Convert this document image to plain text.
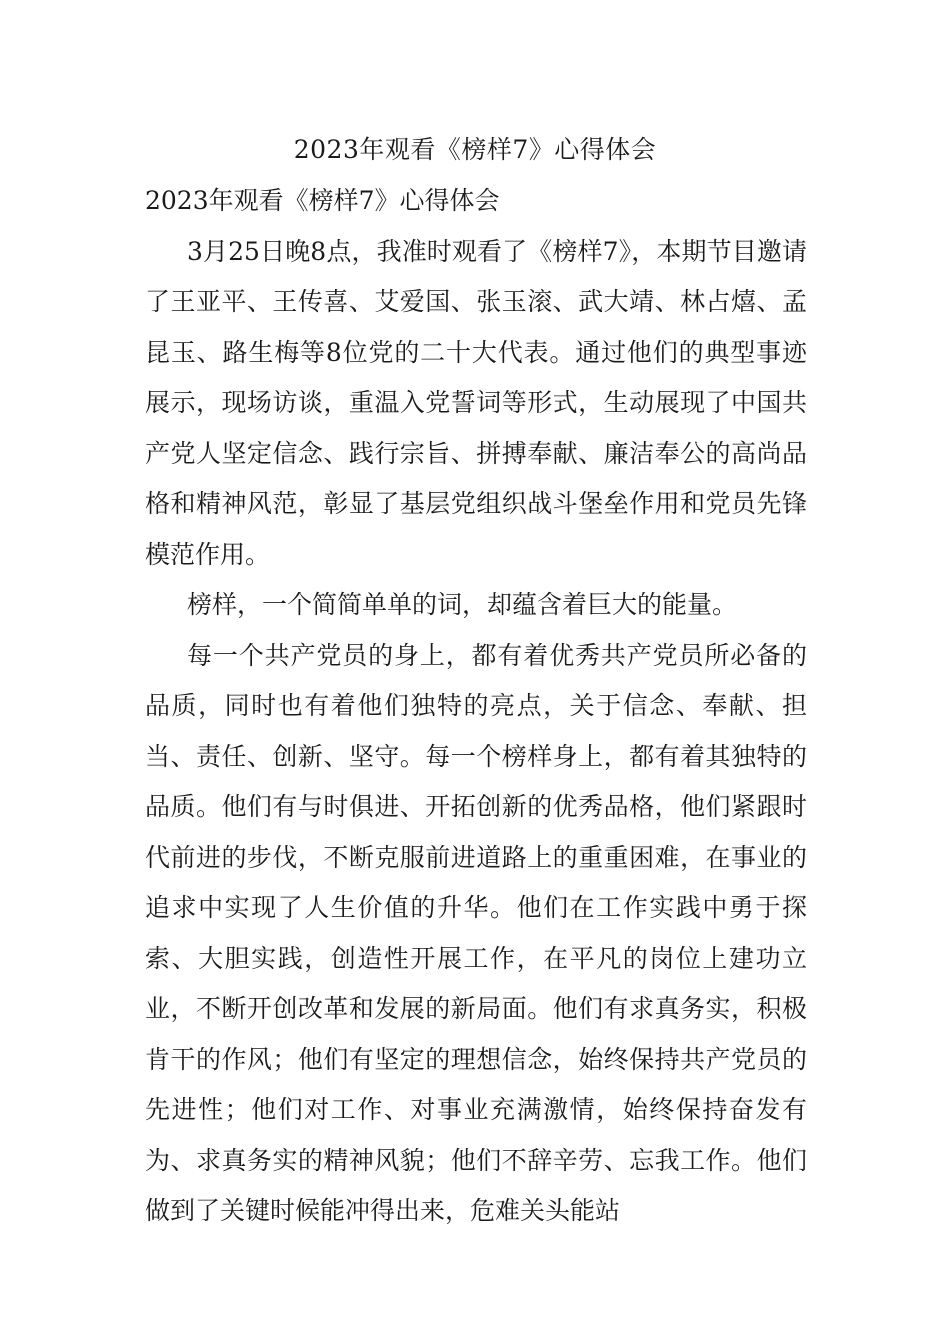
2023年观看《榜样7》心得体会

2023年观看《榜样7》心得体会

3月25日晚8点，我准时观看了《榜样7》，本期节目邀请了王亚平、王传喜、艾爱国、张玉滚、武大靖、林占熺、孟昆玉、路生梅等8位党的二十大代表。通过他们的典型事迹展示，现场访谈，重温入党誓词等形式，生动展现了中国共产党人坚定信念、践行宗旨、拼搏奉献、廉洁奉公的高尚品格和精神风范，彰显了基层党组织战斗堡垒作用和党员先锋模范作用。

榜样，一个简简单单的词，却蕴含着巨大的能量。

每一个共产党员的身上，都有着优秀共产党员所必备的品质，同时也有着他们独特的亮点，关于信念、奉献、担当、责任、创新、坚守。每一个榜样身上，都有着其独特的品质。他们有与时俱进、开拓创新的优秀品格，他们紧跟时代前进的步伐，不断克服前进道路上的重重困难，在事业的追求中实现了人生价值的升华。他们在工作实践中勇于探索、大胆实践，创造性开展工作，在平凡的岗位上建功立业，不断开创改革和发展的新局面。他们有求真务实，积极肯干的作风；他们有坚定的理想信念，始终保持共产党员的先进性；他们对工作、对事业充满激情，始终保持奋发有为、求真务实的精神风貌；他们不辞辛劳、忘我工作。他们做到了关键时候能冲得出来，危难关头能站
